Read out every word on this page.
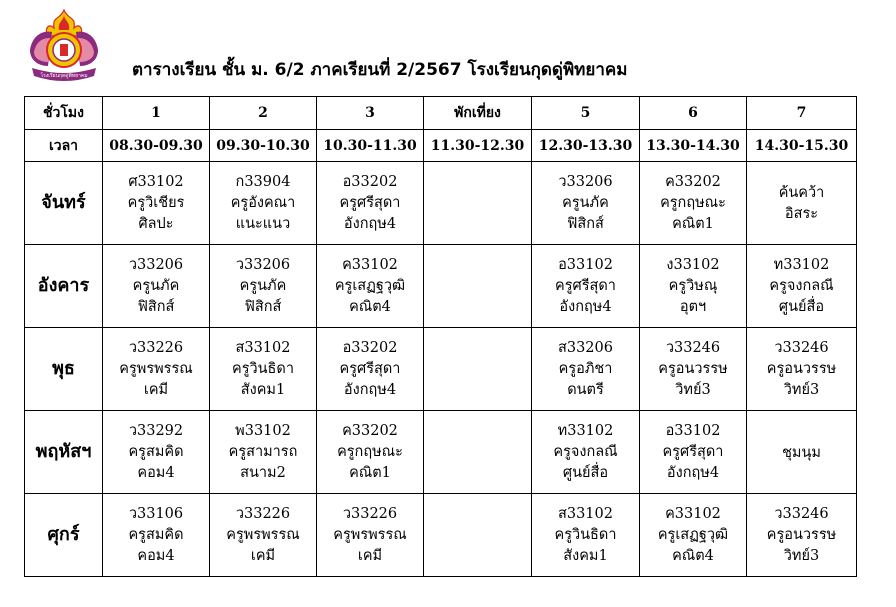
โรงเรียนกุดดู่พิทยาคม	ตารางเรียน ชั้น ม. 6/2 ภาคเรียนที่ 2/2567 โรงเรียนกุดดู่พิทยาคม
ชั่วโมง	1	2	3	พักเที่ยง	5	6	7
เวลา	08.30-09.30	09.30-10.30	10.30-11.30	11.30-12.30	12.30-13.30	13.30-14.30	14.30-15.30

จันทร์	ศ33102
ครูวิเชียร
ศิลปะ	ก33904
ครูอังคณา
แนะแนว	อ33202
ครูศรีสุดา
อังกฤษ4		ว33206
ครูนภัค
ฟิสิกส์	ค33202
ครูกฤษณะ
คณิต1	ค้นคว้า
อิสระ

อังคาร	ว33206
ครูนภัค
ฟิสิกส์	ว33206
ครูนภัค
ฟิสิกส์	ค33102
ครูเสฏฐวุฒิ
คณิต4		อ33102
ครูศรีสุดา
อังกฤษ4	ง33102
ครูวิษณุ
อุตฯ	ท33102
ครูจงกลณี
ศูนย์สื่อ

พุธ	ว33226
ครูพรพรรณ
เคมี	ส33102
ครูวินธิดา
สังคม1	อ33202
ครูศรีสุดา
อังกฤษ4		ส33206
ครูอภิชา
ดนตรี	ว33246
ครูอนวรรษ
วิทย์3	ว33246
ครูอนวรรษ
วิทย์3

พฤหัสฯ	ว33292
ครูสมคิด
คอม4	พ33102
ครูสามารถ
สนาม2	ค33202
ครูกฤษณะ
คณิต1		ท33102
ครูจงกลณี
ศูนย์สื่อ	อ33102
ครูศรีสุดา
อังกฤษ4	ชุมนุม

ศุกร์	ว33106
ครูสมคิด
คอม4	ว33226
ครูพรพรรณ
เคมี	ว33226
ครูพรพรรณ
เคมี		ส33102
ครูวินธิดา
สังคม1	ค33102
ครูเสฏฐวุฒิ
คณิต4	ว33246
ครูอนวรรษ
วิทย์3
